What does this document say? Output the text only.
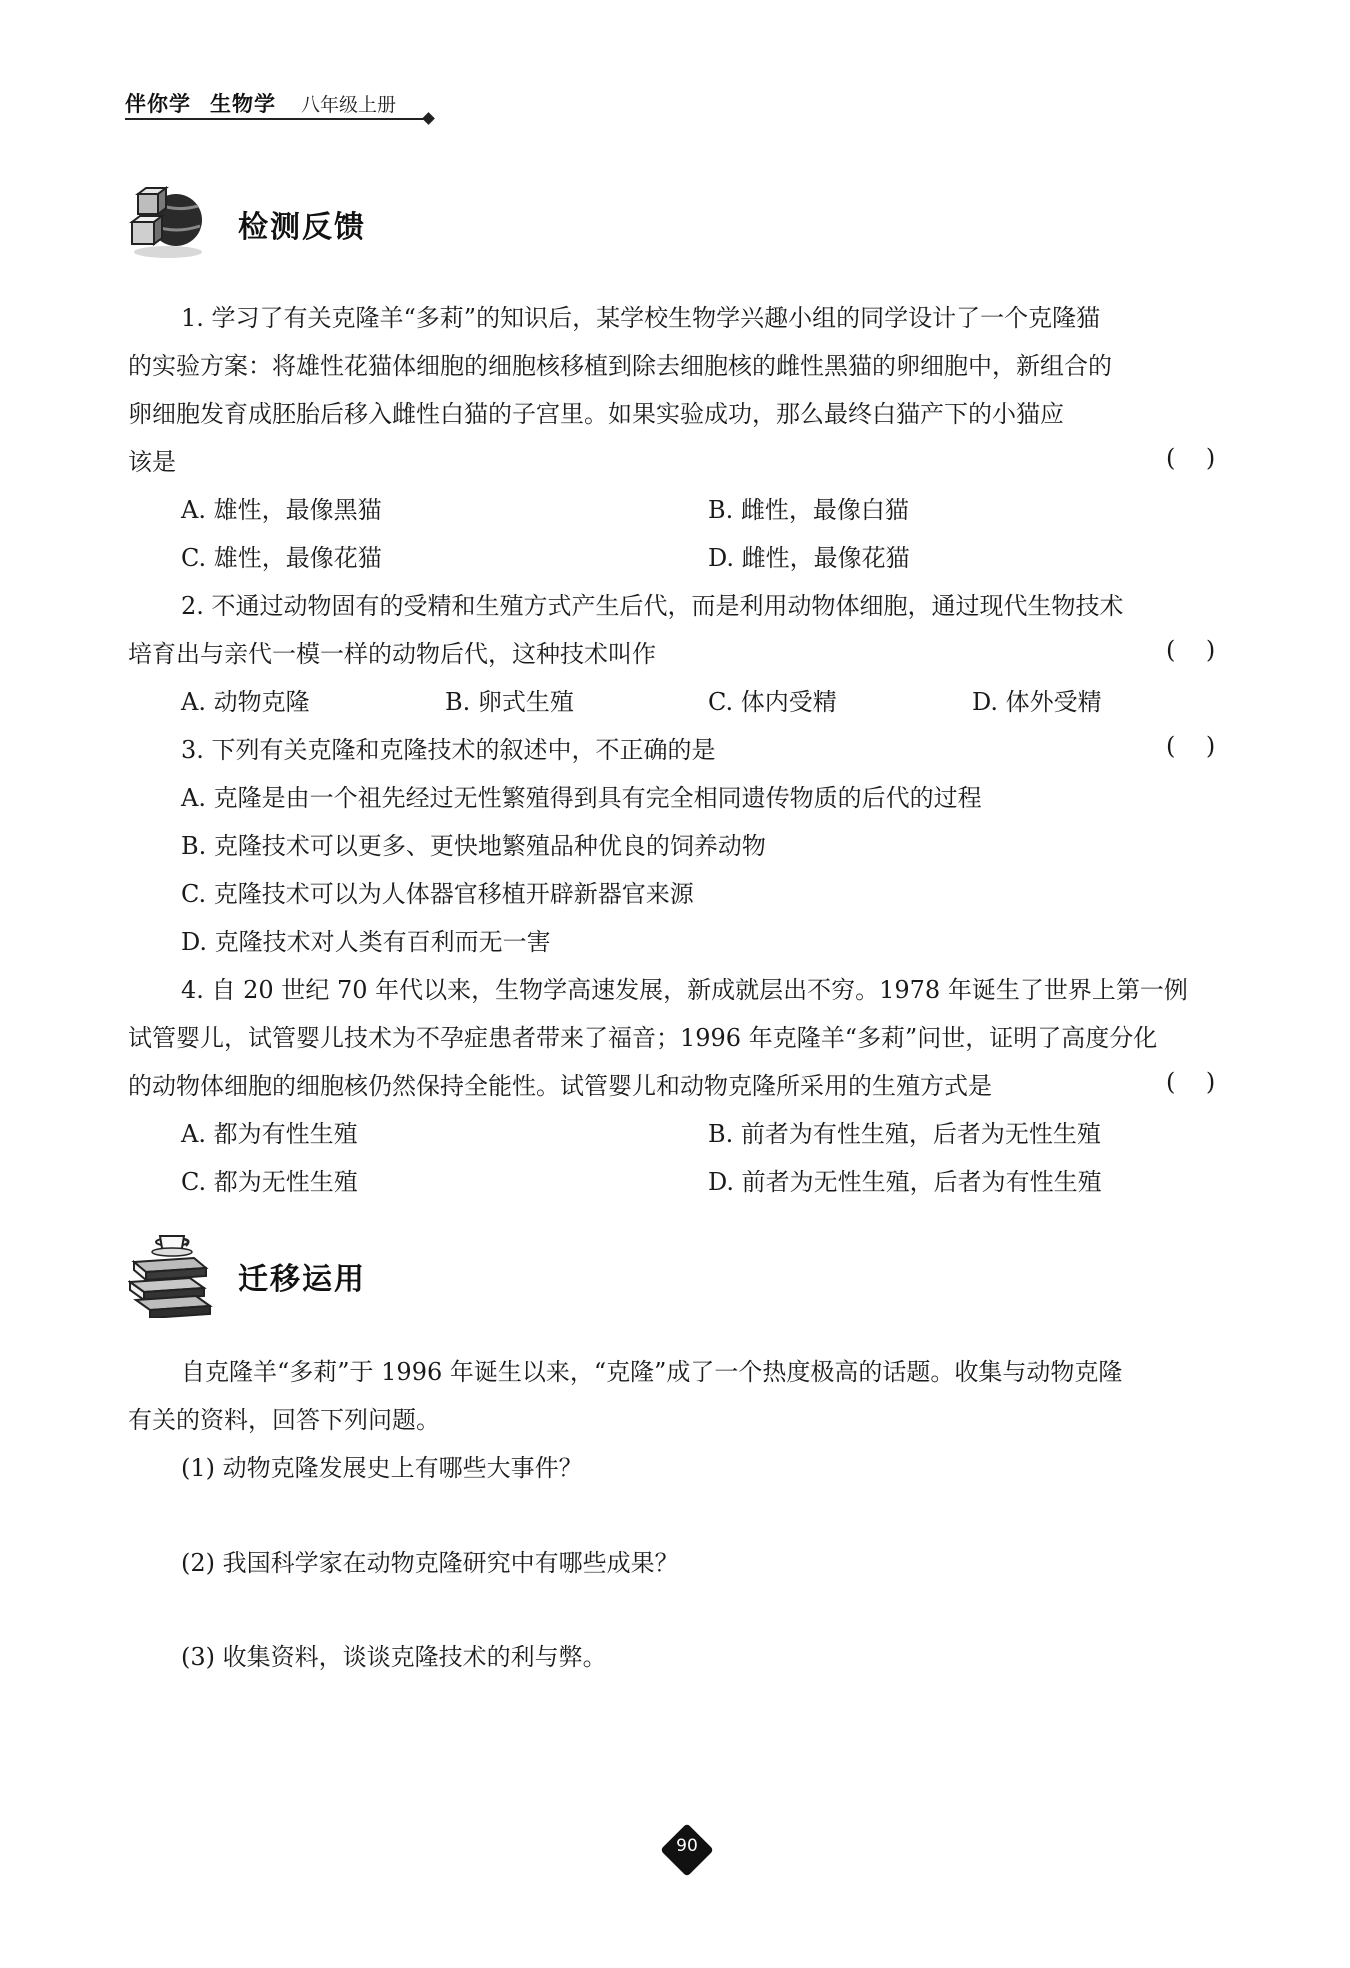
伴你学 生物学 八年级上册
检测反馈
1. 学习了有关克隆羊“多莉”的知识后，某学校生物学兴趣小组的同学设计了一个克隆猫
的实验方案：将雄性花猫体细胞的细胞核移植到除去细胞核的雌性黑猫的卵细胞中，新组合的
卵细胞发育成胚胎后移入雌性白猫的子宫里。如果实验成功，那么最终白猫产下的小猫应
该是	(    )
A. 雄性，最像黑猫	B. 雌性，最像白猫
C. 雄性，最像花猫	D. 雌性，最像花猫
2. 不通过动物固有的受精和生殖方式产生后代，而是利用动物体细胞，通过现代生物技术
培育出与亲代一模一样的动物后代，这种技术叫作	(    )
A. 动物克隆	B. 卵式生殖	C. 体内受精	D. 体外受精
3. 下列有关克隆和克隆技术的叙述中，不正确的是	(    )
A. 克隆是由一个祖先经过无性繁殖得到具有完全相同遗传物质的后代的过程
B. 克隆技术可以更多、更快地繁殖品种优良的饲养动物
C. 克隆技术可以为人体器官移植开辟新器官来源
D. 克隆技术对人类有百利而无一害
4. 自 20 世纪 70 年代以来，生物学高速发展，新成就层出不穷。1978 年诞生了世界上第一例
试管婴儿，试管婴儿技术为不孕症患者带来了福音；1996 年克隆羊“多莉”问世，证明了高度分化
的动物体细胞的细胞核仍然保持全能性。试管婴儿和动物克隆所采用的生殖方式是	(    )
A. 都为有性生殖	B. 前者为有性生殖，后者为无性生殖
C. 都为无性生殖	D. 前者为无性生殖，后者为有性生殖
迁移运用
自克隆羊“多莉”于 1996 年诞生以来，“克隆”成了一个热度极高的话题。收集与动物克隆
有关的资料，回答下列问题。
(1) 动物克隆发展史上有哪些大事件？
(2) 我国科学家在动物克隆研究中有哪些成果？
(3) 收集资料，谈谈克隆技术的利与弊。
90
